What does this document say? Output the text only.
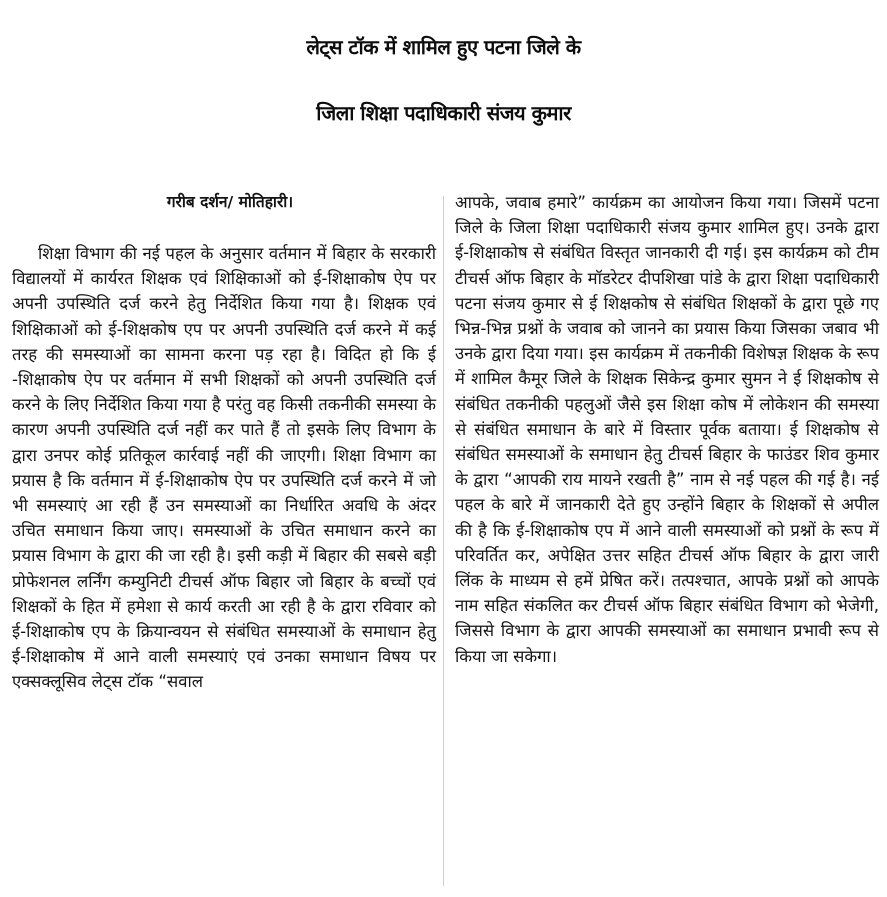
लेट्स टॉक में शामिल हुए पटना जिले के
जिला शिक्षा पदाधिकारी संजय कुमार
गरीब दर्शन/ मोतिहारी।

शिक्षा विभाग की नई पहल के अनुसार वर्तमान में बिहार के सरकारी विद्यालयों में कार्यरत शिक्षक एवं शिक्षिकाओं को ई-शिक्षाकोष ऐप पर अपनी उपस्थिति दर्ज करने हेतु निर्देशित किया गया है। शिक्षक एवं शिक्षिकाओं को ई-शिक्षकोष एप पर अपनी उपस्थिति दर्ज करने में कई तरह की समस्याओं का सामना करना पड़ रहा है। विदित हो कि ई -शिक्षाकोष ऐप पर वर्तमान में सभी शिक्षकों को अपनी उपस्थिति दर्ज करने के लिए निर्देशित किया गया है परंतु वह किसी तकनीकी समस्या के कारण अपनी उपस्थिति दर्ज नहीं कर पाते हैं तो इसके लिए विभाग के द्वारा उनपर कोई प्रतिकूल कार्रवाई नहीं की जाएगी। शिक्षा विभाग का प्रयास है कि वर्तमान में ई-शिक्षाकोष ऐप पर उपस्थिति दर्ज करने में जो भी समस्याएं आ रही हैं उन समस्याओं का निर्धारित अवधि के अंदर उचित समाधान किया जाए। समस्याओं के उचित समाधान करने का प्रयास विभाग के द्वारा की जा रही है। इसी कड़ी में बिहार की सबसे बड़ी प्रोफेशनल लर्निंग कम्युनिटी टीचर्स ऑफ बिहार जो बिहार के बच्चों एवं शिक्षकों के हित में हमेशा से कार्य करती आ रही है के द्वारा रविवार को ई-शिक्षाकोष एप के क्रियान्वयन से संबंधित समस्याओं के समाधान हेतु ई-शिक्षाकोष में आने वाली समस्याएं एवं उनका समाधान विषय पर एक्सक्लूसिव लेट्स टॉक “सवाल

आपके, जवाब हमारे” कार्यक्रम का आयोजन किया गया। जिसमें पटना जिले के जिला शिक्षा पदाधिकारी संजय कुमार शामिल हुए। उनके द्वारा ई-शिक्षाकोष से संबंधित विस्तृत जानकारी दी गई। इस कार्यक्रम को टीम टीचर्स ऑफ बिहार के मॉडरेटर दीपशिखा पांडे के द्वारा शिक्षा पदाधिकारी पटना संजय कुमार से ई शिक्षकोष से संबंधित शिक्षकों के द्वारा पूछे गए भिन्न-भिन्न प्रश्नों के जवाब को जानने का प्रयास किया जिसका जबाव भी उनके द्वारा दिया गया। इस कार्यक्रम में तकनीकी विशेषज्ञ शिक्षक के रूप में शामिल कैमूर जिले के शिक्षक सिकेन्द्र कुमार सुमन ने ई शिक्षकोष से संबंधित तकनीकी पहलुओं जैसे इस शिक्षा कोष में लोकेशन की समस्या से संबंधित समाधान के बारे में विस्तार पूर्वक बताया। ई शिक्षकोष से संबंधित समस्याओं के समाधान हेतु टीचर्स बिहार के फाउंडर शिव कुमार के द्वारा “आपकी राय मायने रखती है” नाम से नई पहल की गई है। नई पहल के बारे में जानकारी देते हुए उन्होंने बिहार के शिक्षकों से अपील की है कि ई-शिक्षाकोष एप में आने वाली समस्याओं को प्रश्नों के रूप में परिवर्तित कर, अपेक्षित उत्तर सहित टीचर्स ऑफ बिहार के द्वारा जारी लिंक के माध्यम से हमें प्रेषित करें। तत्पश्चात, आपके प्रश्नों को आपके नाम सहित संकलित कर टीचर्स ऑफ बिहार संबंधित विभाग को भेजेगी, जिससे विभाग के द्वारा आपकी समस्याओं का समाधान प्रभावी रूप से किया जा सकेगा।
